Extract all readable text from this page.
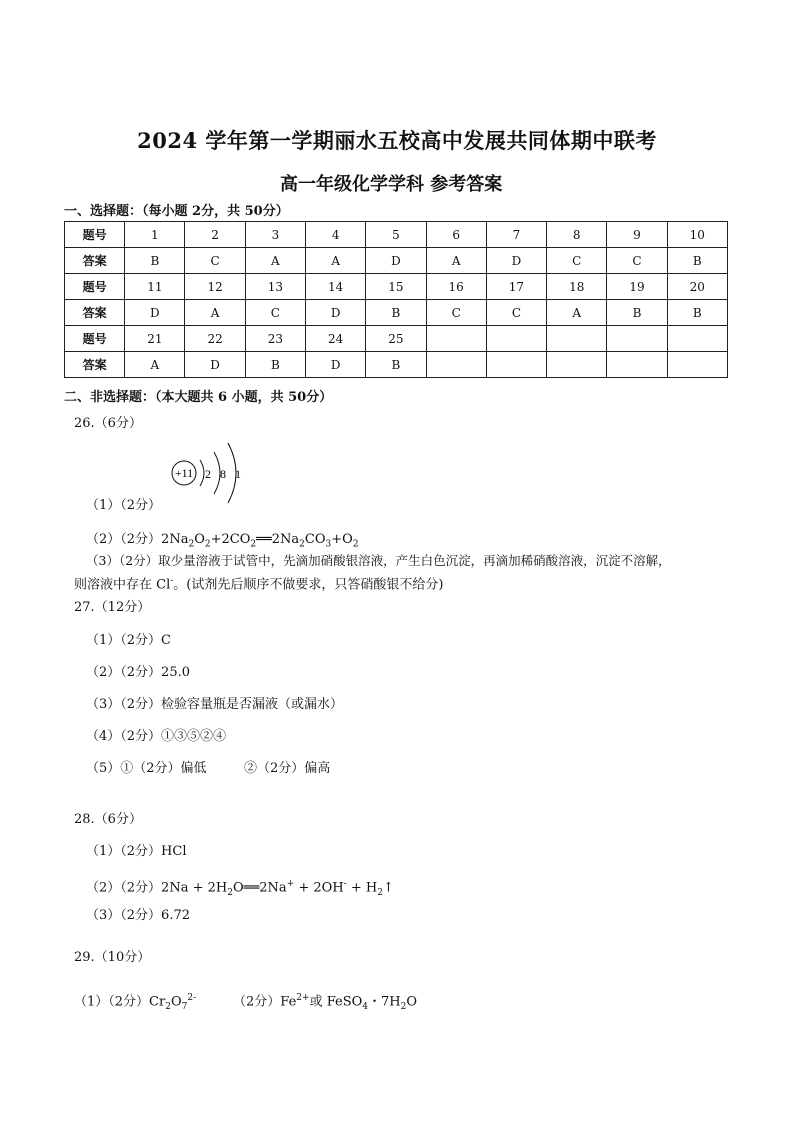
2024 学年第一学期丽水五校高中发展共同体期中联考
高一年级化学学科 参考答案
一、选择题：（每小题 2分，共 50分）
题号	1	2	3	4	5	6	7	8	9	10
答案	B	C	A	A	D	A	D	C	C	B
题号	11	12	13	14	15	16	17	18	19	20
答案	D	A	C	D	B	C	C	A	B	B
题号	21	22	23	24	25					
答案	A	D	B	D	B					
二、非选择题：（本大题共 6 小题，共 50分）
26.（6分）
+11 2 8 1
（1）（2分）
（2）（2分）$2Na_2O_2+2CO_2══2Na_2CO_3+O_2$
（3）（2分）取少量溶液于试管中，先滴加硝酸银溶液，产生白色沉淀，再滴加稀硝酸溶液，沉淀不溶解，
则溶液中存在 Cl-。(试剂先后顺序不做要求，只答硝酸银不给分)
27.（12分）
（1）（2分）C
（2）（2分）25.0
（3）（2分）检验容量瓶是否漏液（或漏水）
（4）（2分）①③⑤②④
（5）①（2分）偏低	②（2分）偏高
28.（6分）
（1）（2分）HCl
（2）（2分）$2Na + 2H_2O══2Na^+ + 2OH^-$ + $H_2↑$
（3）（2分）6.72
29.（10分）
（1）（2分）$Cr_2O_7^{2-}$	（2分）$Fe^{2+}$或 FeSO$_4$・$7H_2O$
